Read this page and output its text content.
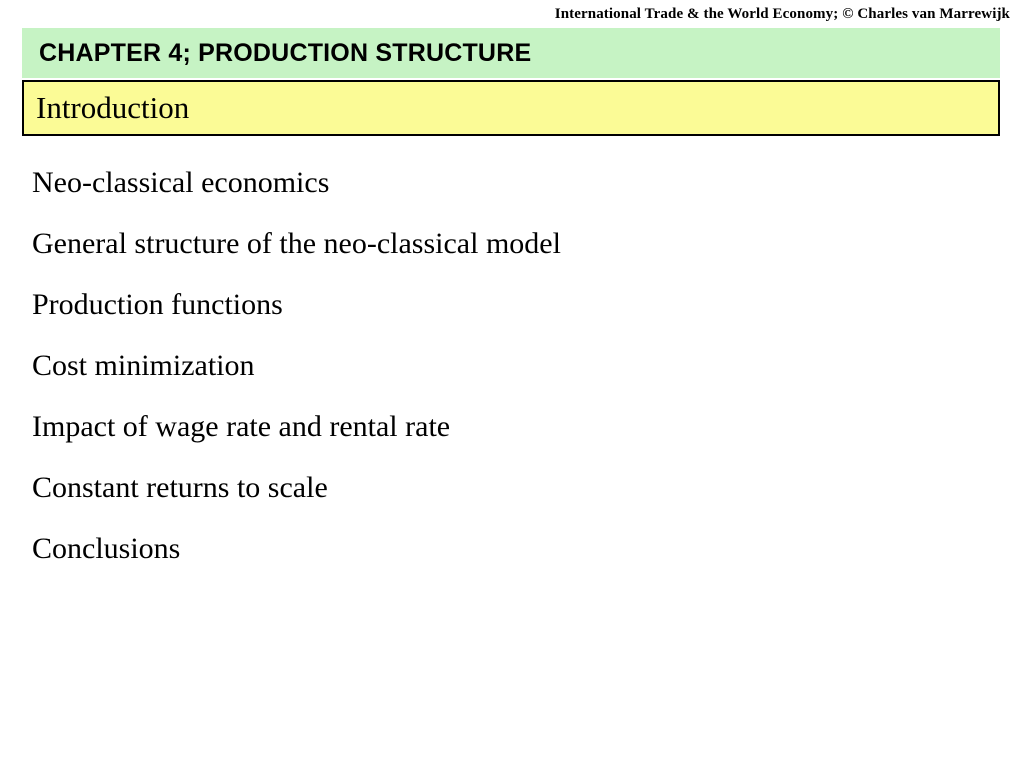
International Trade & the World Economy; © Charles van Marrewijk
CHAPTER 4; PRODUCTION STRUCTURE
Introduction
Neo-classical economics
General structure of the neo-classical model
Production functions
Cost minimization
Impact of wage rate and rental rate
Constant returns to scale
Conclusions
